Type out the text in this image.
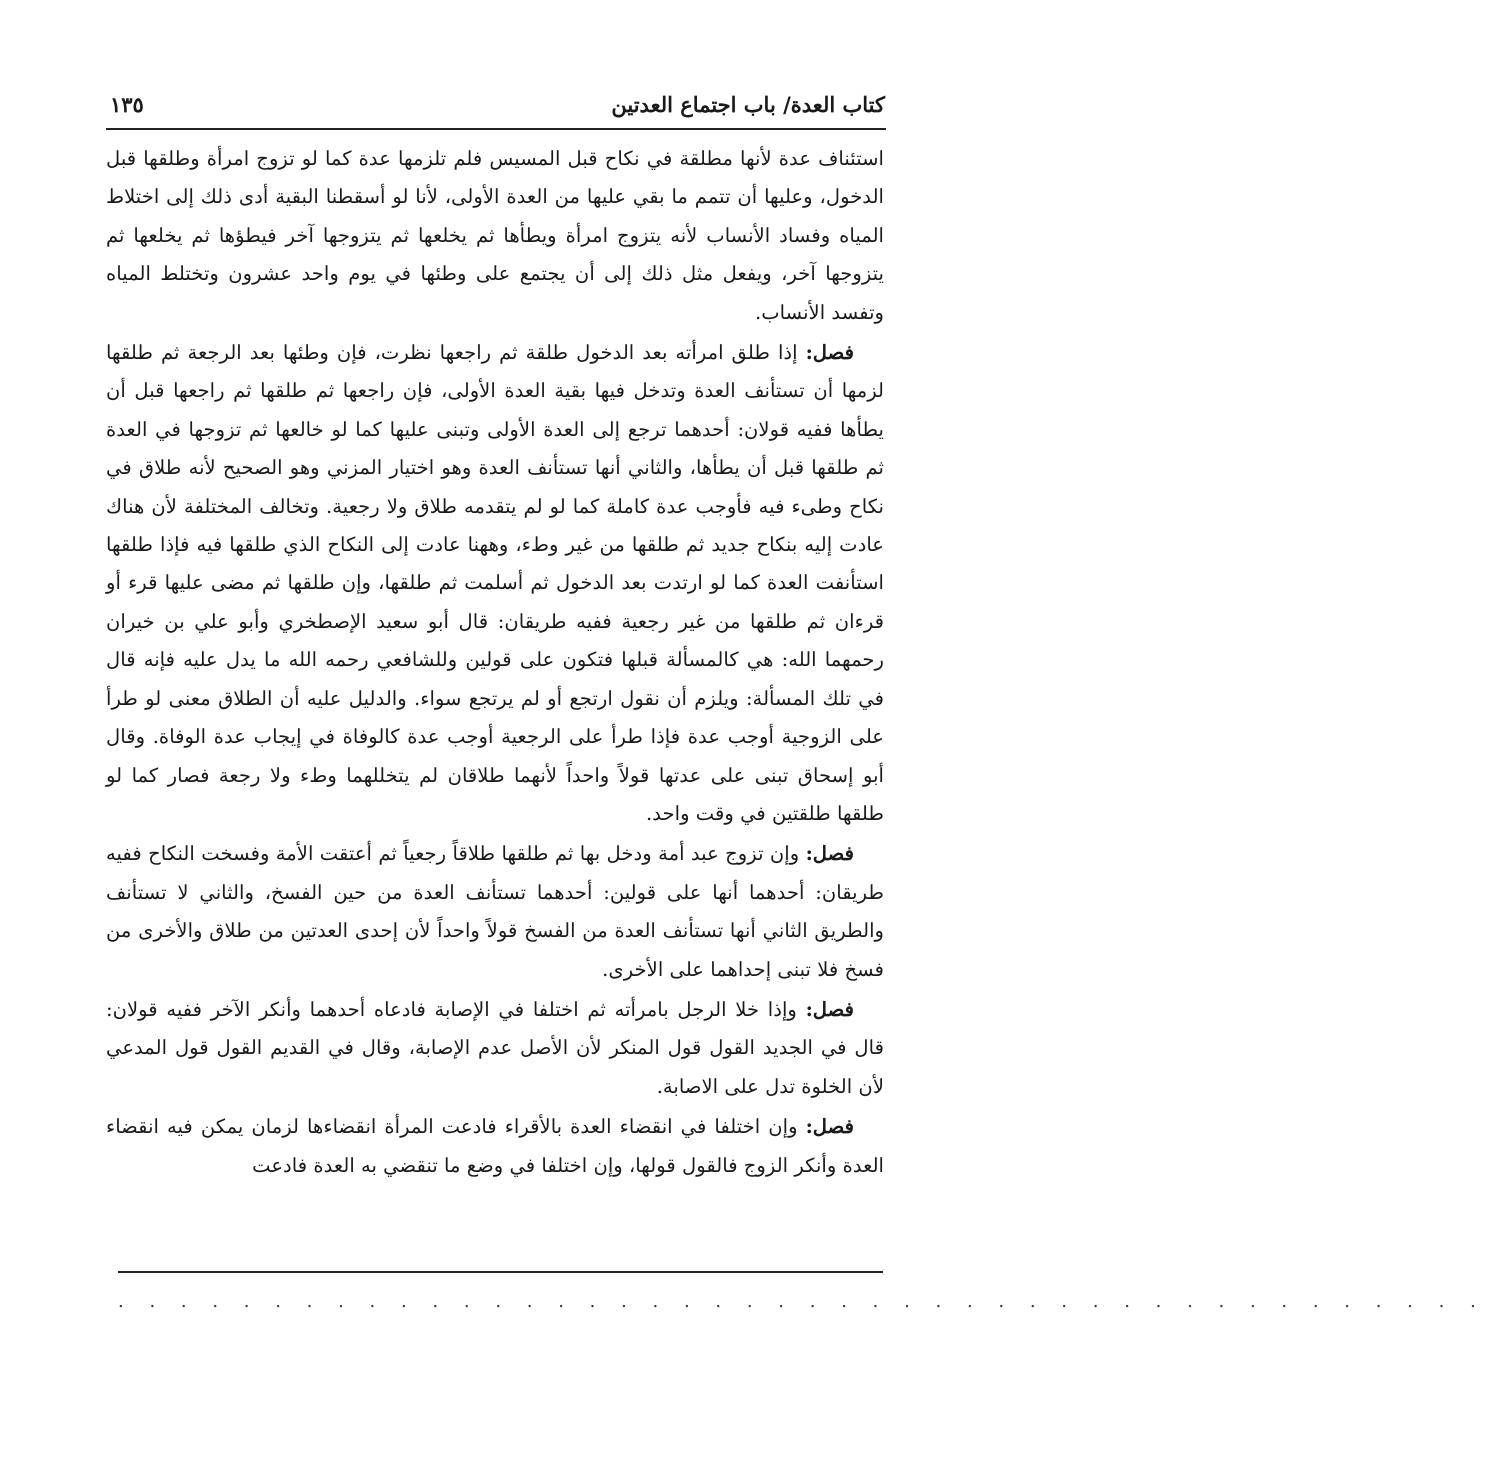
كتاب العدة/ باب اجتماع العدتين
١٣٥

استئناف عدة لأنها مطلقة في نكاح قبل المسيس فلم تلزمها عدة كما لو تزوج امرأة وطلقها قبل الدخول، وعليها أن تتمم ما بقي عليها من العدة الأولى، لأنا لو أسقطنا البقية أدى ذلك إلى اختلاط المياه وفساد الأنساب لأنه يتزوج امرأة ويطأها ثم يخلعها ثم يتزوجها آخر فيطؤها ثم يخلعها ثم يتزوجها آخر، ويفعل مثل ذلك إلى أن يجتمع على وطئها في يوم واحد عشرون وتختلط المياه وتفسد الأنساب.

فصل: إذا طلق امرأته بعد الدخول طلقة ثم راجعها نظرت، فإن وطئها بعد الرجعة ثم طلقها لزمها أن تستأنف العدة وتدخل فيها بقية العدة الأولى، فإن راجعها ثم طلقها ثم راجعها قبل أن يطأها ففيه قولان: أحدهما ترجع إلى العدة الأولى وتبنى عليها كما لو خالعها ثم تزوجها في العدة ثم طلقها قبل أن يطأها، والثاني أنها تستأنف العدة وهو اختيار المزني وهو الصحيح لأنه طلاق في نكاح وطىء فيه فأوجب عدة كاملة كما لو لم يتقدمه طلاق ولا رجعية. وتخالف المختلفة لأن هناك عادت إليه بنكاح جديد ثم طلقها من غير وطء، وههنا عادت إلى النكاح الذي طلقها فيه فإذا طلقها استأنفت العدة كما لو ارتدت بعد الدخول ثم أسلمت ثم طلقها، وإن طلقها ثم مضى عليها قرء أو قرءان ثم طلقها من غير رجعية ففيه طريقان: قال أبو سعيد الإصطخري وأبو علي بن خيران رحمهما الله: هي كالمسألة قبلها فتكون على قولين وللشافعي رحمه الله ما يدل عليه فإنه قال في تلك المسألة: ويلزم أن نقول ارتجع أو لم يرتجع سواء. والدليل عليه أن الطلاق معنى لو طرأ على الزوجية أوجب عدة فإذا طرأ على الرجعية أوجب عدة كالوفاة في إيجاب عدة الوفاة. وقال أبو إسحاق تبنى على عدتها قولاً واحداً لأنهما طلاقان لم يتخللهما وطء ولا رجعة فصار كما لو طلقها طلقتين في وقت واحد.

فصل: وإن تزوج عبد أمة ودخل بها ثم طلقها طلاقاً رجعياً ثم أعتقت الأمة وفسخت النكاح ففيه طريقان: أحدهما أنها على قولين: أحدهما تستأنف العدة من حين الفسخ، والثاني لا تستأنف والطريق الثاني أنها تستأنف العدة من الفسخ قولاً واحداً لأن إحدى العدتين من طلاق والأخرى من فسخ فلا تبنى إحداهما على الأخرى.

فصل: وإذا خلا الرجل بامرأته ثم اختلفا في الإصابة فادعاه أحدهما وأنكر الآخر ففيه قولان: قال في الجديد القول قول المنكر لأن الأصل عدم الإصابة، وقال في القديم القول قول المدعي لأن الخلوة تدل على الاصابة.

فصل: وإن اختلفا في انقضاء العدة بالأقراء فادعت المرأة انقضاءها لزمان يمكن فيه انقضاء العدة وأنكر الزوج فالقول قولها، وإن اختلفا في وضع ما تنقضي به العدة فادعت

. . . . . . . . . . . . . . . . . . . . . . . . . . . . . . . . . . . . . . . . . . . .
